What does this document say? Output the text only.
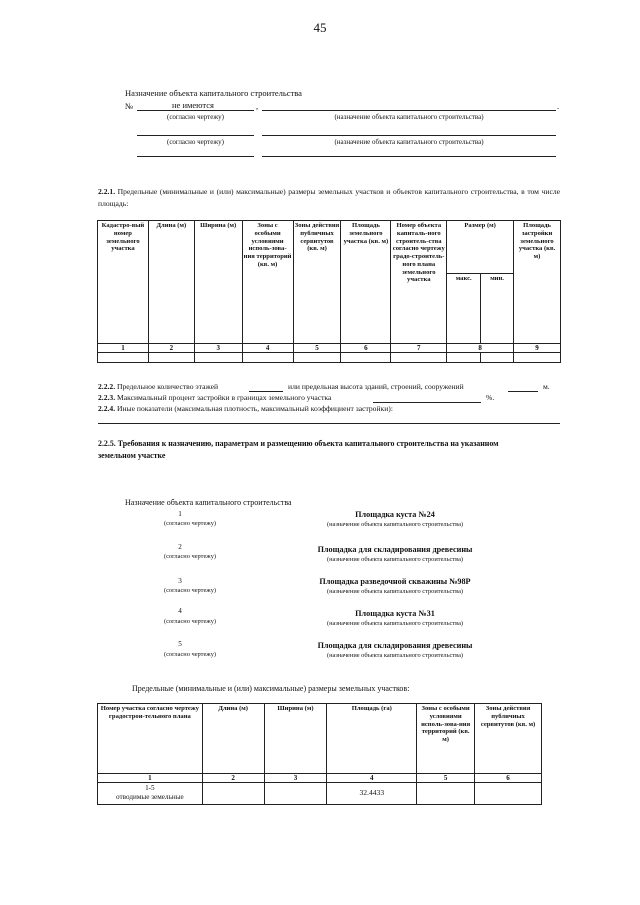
45
Назначение объекта капитального строительства
№	не имеются	,	.
(согласно чертежу)	(назначение объекта капитального строительства)
(согласно чертежу)	(назначение объекта капитального строительства)
2.2.1. Предельные (минимальные и (или) максимальные) размеры земельных участков и объектов капитального строительства, в том числе площадь:
Кадастро-вый номер земельного участка	Длина (м)	Ширина (м)	Зоны с особыми условиями исполь-зова-ния территорий (кв. м)	Зоны действия публичных сервитутов (кв. м)	Площадь земельного участка (кв. м)	Номер объекта капиталь-ного строитель-ства согласно чертежу градо-строитель-ного плана земельного участка	Размер (м)		Площадь застройки земельного участка (кв. м)
							макс.	мин.	
1	2	3	4	5	6	7	8		9

2.2.2. Предельное количество этажей	или предельная высота зданий, строений, сооружений	м.
2.2.3. Максимальный процент застройки в границах земельного участка	%.
2.2.4. Иные показатели (максимальная плотность, максимальный коэффициент застройки):
2.2.5. Требования к назначению, параметрам и размещению объекта капитального строительства на указанном земельном участке
Назначение объекта капитального строительства
1
(согласно чертежу)
Площадка куста №24
(назначение объекта капитального строительства)
2
(согласно чертежу)
Площадка для складирования древесины
(назначение объекта капитального строительства)
3
(согласно чертежу)
Площадка разведочной скважины №98Р
(назначение объекта капитального строительства)
4
(согласно чертежу)
Площадка куста №31
(назначение объекта капитального строительства)
5
(согласно чертежу)
Площадка для складирования древесины
(назначение объекта капитального строительства)
Предельные (минимальные и (или) максимальные) размеры земельных участков:
Номер участка согласно чертежу градострои-тельного плана	Длина (м)	Ширина (м)	Площадь (га)	Зоны с особыми условиями исполь-зова-ния территорий (кв. м)	Зоны действия публичных сервитутов (кв. м)
1	2	3	4	5	6

1-5
отводимые земельные			32.4433		
